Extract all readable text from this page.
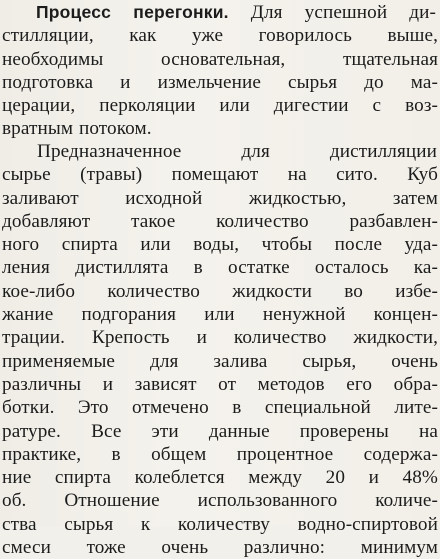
Процесс перегонки. Для успешной ди-
стилляции, как уже говорилось выше,
необходимы основательная, тщательная
подготовка и измельчение сырья до ма-
церации, перколяции или дигестии с воз-
вратным потоком.
Предназначенное для дистилляции
сырье (травы) помещают на сито. Куб
заливают исходной жидкостью, затем
добавляют такое количество разбавлен-
ного спирта или воды, чтобы после уда-
ления дистиллята в остатке осталось ка-
кое-либо количество жидкости во избе-
жание подгорания или ненужной концен-
трации. Крепость и количество жидкости,
применяемые для залива сырья, очень
различны и зависят от методов его обра-
ботки. Это отмечено в специальной лите-
ратуре. Все эти данные проверены на
практике, в общем процентное содержа-
ние спирта колеблется между 20 и 48%
об. Отношение использованного количе-
ства сырья к количеству водно-спиртовой
смеси тоже очень различно: минимум
